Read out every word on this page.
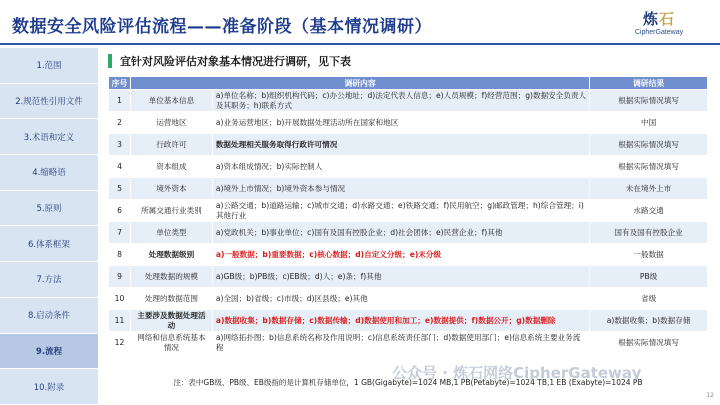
数据安全风险评估流程——准备阶段（基本情况调研）	炼石
CipherGateway
1.范围
2.规范性引用文件
3.术语和定义
4.缩略语
5.原则
6.体系框架
7.方法
8.启动条件
9.流程
10.附录
宜针对风险评估对象基本情况进行调研，见下表
序号	调研内容		调研结果
1	单位基本信息	a)单位名称；b)组织机构代码；c)办公地址；d)法定代表人信息；e)人员规模；f)经营范围；g)数据安全负责人及其职务；h)联系方式	根据实际情况填写
2	运营地区	a)业务运营地区；b)开展数据处理活动所在国家和地区	中国
3	行政许可	数据处理相关服务取得行政许可情况	根据实际情况填写
4	资本组成	a)资本组成情况；b)实际控制人	根据实际情况填写
5	境外资本	a)境外上市情况；b)境外资本参与情况	未在境外上市
6	所属交通行业类别	a)公路交通；b)道路运输；c)城市交通；d)水路交通；e)铁路交通；f)民用航空；g)邮政管理；h)综合管理；i)其他行业	水路交通
7	单位类型	a)党政机关；b)事业单位；c)国有及国有控股企业；d)社会团体；e)民营企业；f)其他	国有及国有控股企业
8	处理数据级别	a)一般数据；b)重要数据；c)核心数据；d)自定义分级；e)未分级	一般数据
9	处理数据的规模	a)GB级；b)PB级；c)EB级；d)人；e)条；f)其他	PB级
10	处理的数据范围	a)全国；b)省级；c)市级；d)区县级；e)其他	省级
11	主要涉及数据处理活动	a)数据收集；b)数据存储；c)数据传输；d)数据使用和加工；e)数据提供；f)数据公开；g)数据删除	a)数据收集；b)数据存储
12	网络和信息系统基本情况	a)网络拓扑图；b)信息系统名称及作用说明；c)信息系统责任部门；d)数据使用部门；e)信息系统主要业务流程	根据实际情况填写
注：表中GB级、PB级、EB级指的是计算机存储单位，1 GB(Gigabyte)=1024 MB,1 PB(Petabyte)=1024 TB,1 EB (Exabyte)=1024 PB
公众号 · 炼石网络CipherGateway
12
